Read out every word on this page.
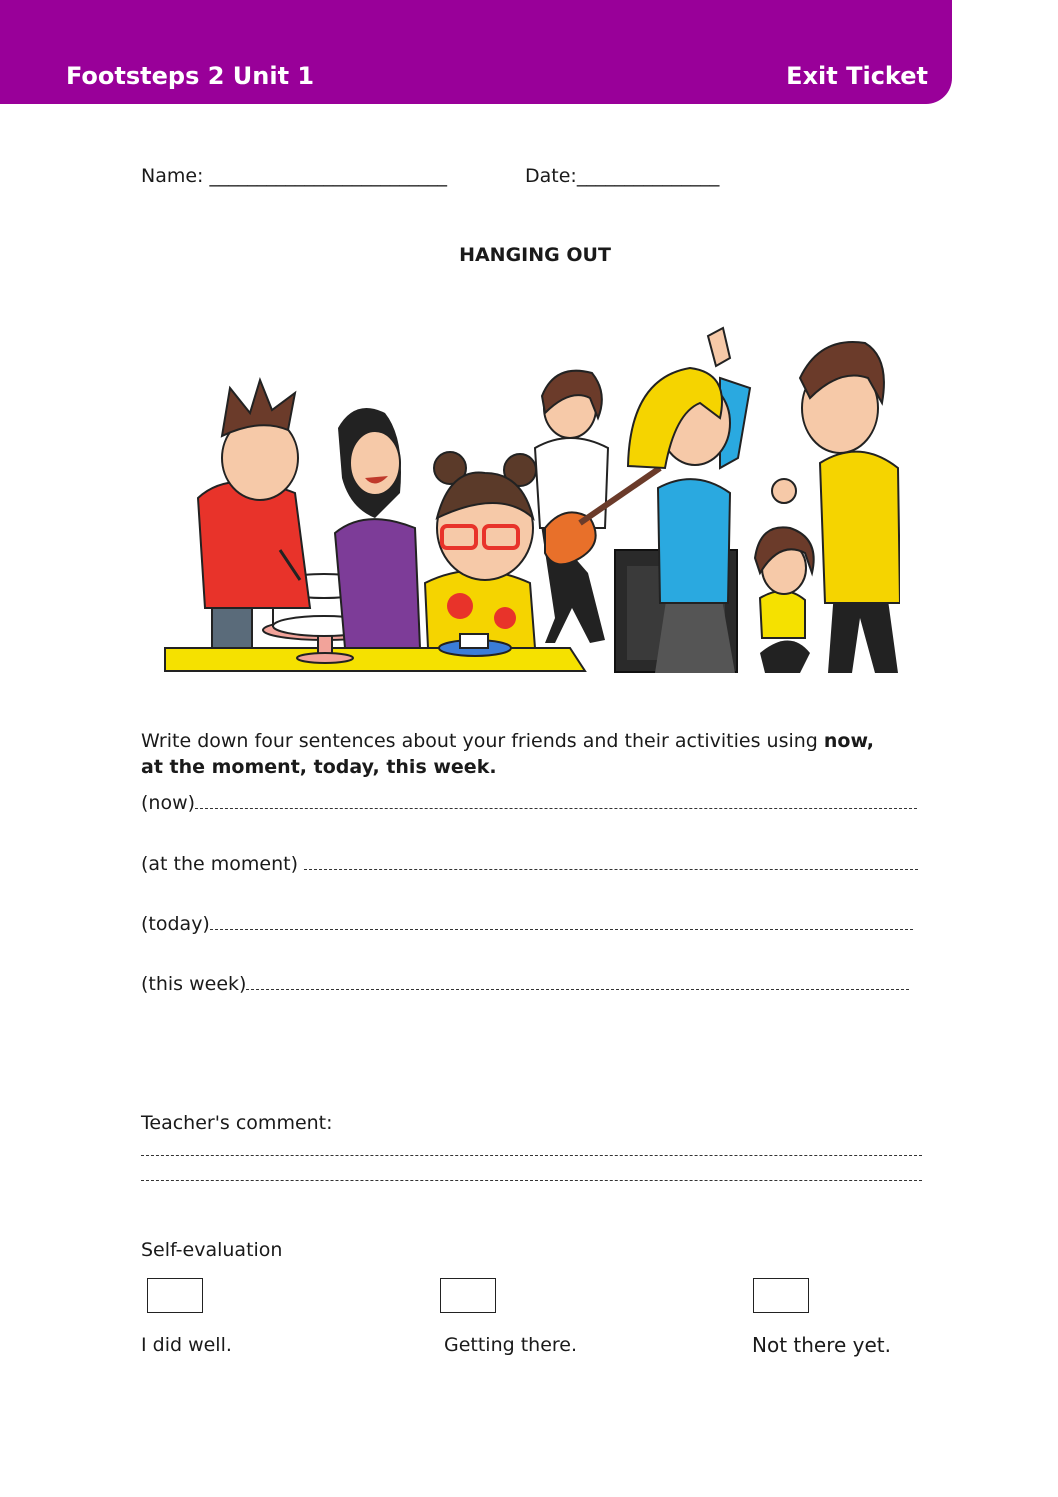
Footsteps 2 Unit 1	Exit Ticket
Name: _________________________	Date:_______________
HANGING OUT
Write down four sentences about your friends and their activities using now,
at the moment, today, this week.
(now)
(at the moment)
(today)
(this week)
Teacher's comment:
Self-evaluation
I did well.	Getting there.	Not there yet.
